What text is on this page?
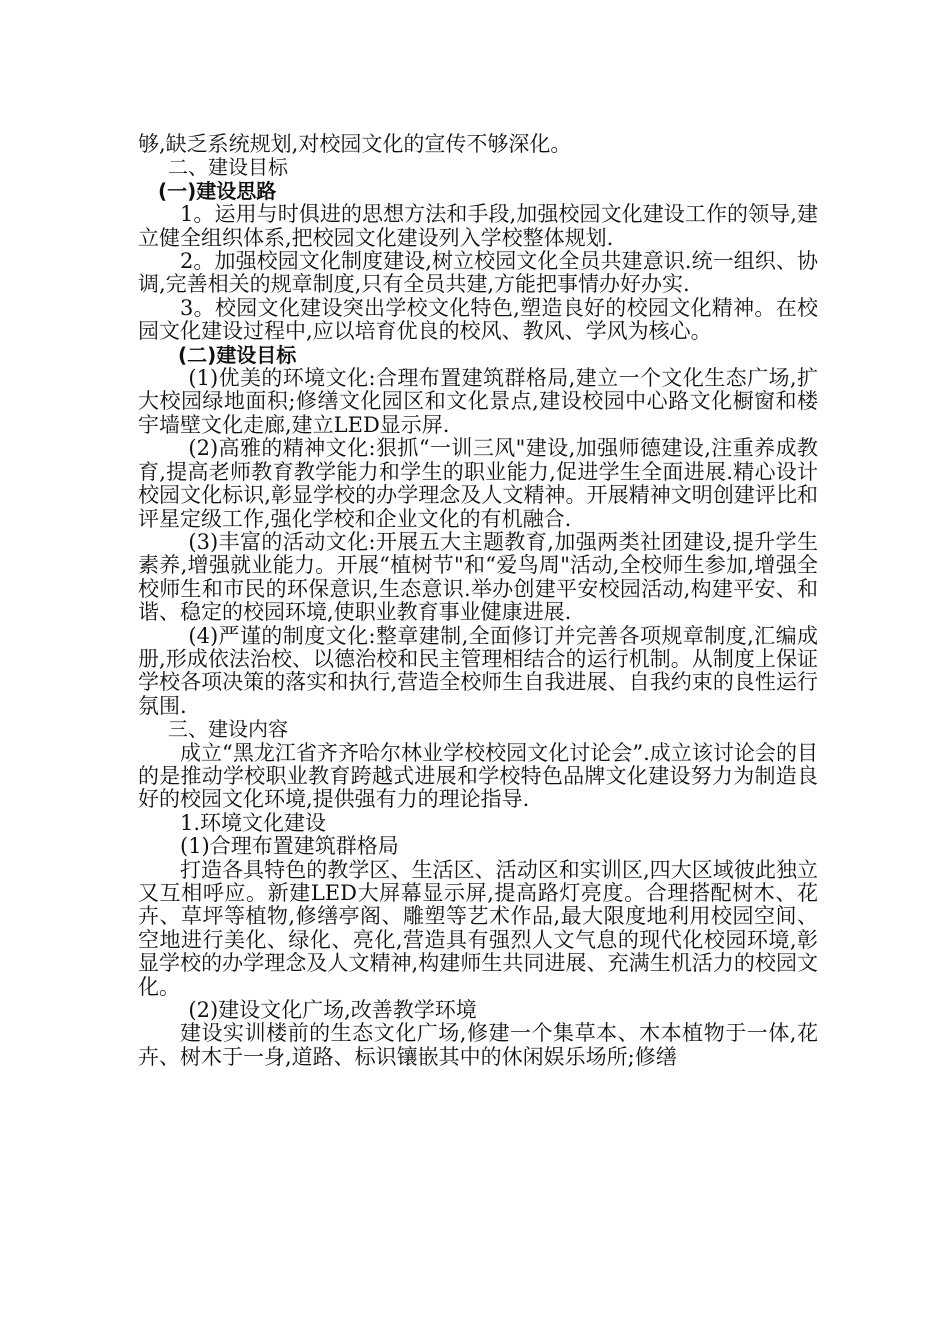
够,缺乏系统规划,对校园文化的宣传不够深化。

二、建设目标

(一)建设思路

1。运用与时俱进的思想方法和手段,加强校园文化建设工作的领导,建立健全组织体系,把校园文化建设列入学校整体规划.

2。加强校园文化制度建设,树立校园文化全员共建意识.统一组织、协调,完善相关的规章制度,只有全员共建,方能把事情办好办实.

3。校园文化建设突出学校文化特色,塑造良好的校园文化精神。在校园文化建设过程中,应以培育优良的校风、教风、学风为核心。

(二)建设目标

(1)优美的环境文化:合理布置建筑群格局,建立一个文化生态广场,扩大校园绿地面积;修缮文化园区和文化景点,建设校园中心路文化橱窗和楼宇墙壁文化走廊,建立LED显示屏.

(2)高雅的精神文化:狠抓“一训三风"建设,加强师德建设,注重养成教育,提高老师教育教学能力和学生的职业能力,促进学生全面进展.精心设计校园文化标识,彰显学校的办学理念及人文精神。开展精神文明创建评比和评星定级工作,强化学校和企业文化的有机融合.

(3)丰富的活动文化:开展五大主题教育,加强两类社团建设,提升学生素养,增强就业能力。开展“植树节"和“爱鸟周"活动,全校师生参加,增强全校师生和市民的环保意识,生态意识.举办创建平安校园活动,构建平安、和谐、稳定的校园环境,使职业教育事业健康进展.

(4)严谨的制度文化:整章建制,全面修订并完善各项规章制度,汇编成册,形成依法治校、以德治校和民主管理相结合的运行机制。从制度上保证学校各项决策的落实和执行,营造全校师生自我进展、自我约束的良性运行氛围.

三、建设内容

成立“黑龙江省齐齐哈尔林业学校校园文化讨论会”.成立该讨论会的目的是推动学校职业教育跨越式进展和学校特色品牌文化建设努力为制造良好的校园文化环境,提供强有力的理论指导.

1.环境文化建设

(1)合理布置建筑群格局

打造各具特色的教学区、生活区、活动区和实训区,四大区域彼此独立又互相呼应。新建LED大屏幕显示屏,提高路灯亮度。合理搭配树木、花卉、草坪等植物,修缮亭阁、雕塑等艺术作品,最大限度地利用校园空间、空地进行美化、绿化、亮化,营造具有强烈人文气息的现代化校园环境,彰显学校的办学理念及人文精神,构建师生共同进展、充满生机活力的校园文化。

(2)建设文化广场,改善教学环境

建设实训楼前的生态文化广场,修建一个集草本、木本植物于一体,花卉、树木于一身,道路、标识镶嵌其中的休闲娱乐场所;修缮
